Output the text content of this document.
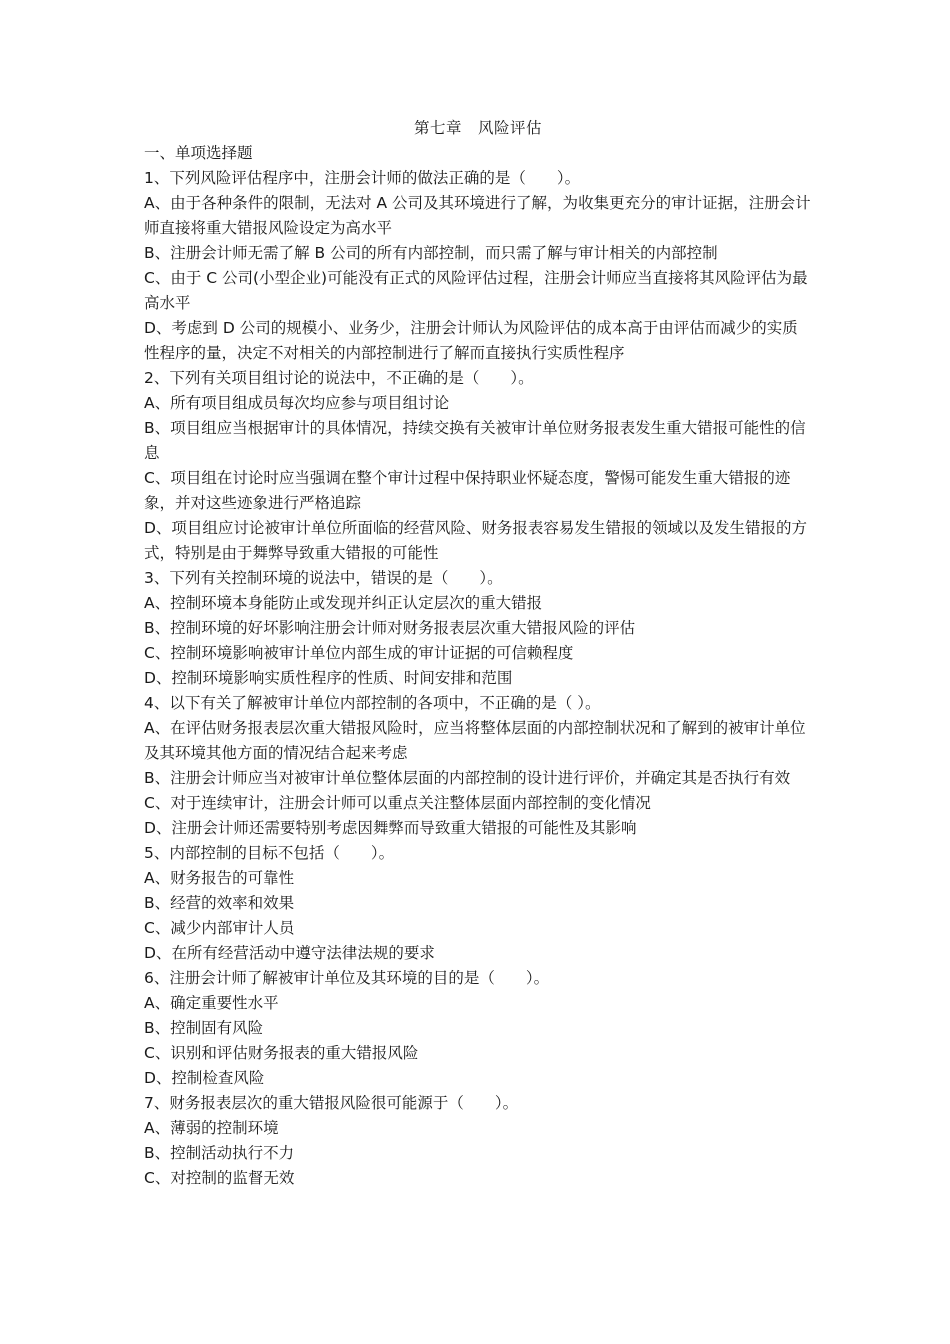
第七章 风险评估

一、单项选择题

1、下列风险评估程序中，注册会计师的做法正确的是（　　）。

A、由于各种条件的限制，无法对 A 公司及其环境进行了解，为收集更充分的审计证据，注册会计师直接将重大错报风险设定为高水平

B、注册会计师无需了解 B 公司的所有内部控制，而只需了解与审计相关的内部控制

C、由于 C 公司(小型企业)可能没有正式的风险评估过程，注册会计师应当直接将其风险评估为最高水平

D、考虑到 D 公司的规模小、业务少，注册会计师认为风险评估的成本高于由评估而减少的实质性程序的量，决定不对相关的内部控制进行了解而直接执行实质性程序

2、下列有关项目组讨论的说法中，不正确的是（　　）。

A、所有项目组成员每次均应参与项目组讨论

B、项目组应当根据审计的具体情况，持续交换有关被审计单位财务报表发生重大错报可能性的信息

C、项目组在讨论时应当强调在整个审计过程中保持职业怀疑态度，警惕可能发生重大错报的迹象，并对这些迹象进行严格追踪

D、项目组应讨论被审计单位所面临的经营风险、财务报表容易发生错报的领域以及发生错报的方式，特别是由于舞弊导致重大错报的可能性

3、下列有关控制环境的说法中，错误的是（　　）。

A、控制环境本身能防止或发现并纠正认定层次的重大错报

B、控制环境的好坏影响注册会计师对财务报表层次重大错报风险的评估

C、控制环境影响被审计单位内部生成的审计证据的可信赖程度

D、控制环境影响实质性程序的性质、时间安排和范围

4、以下有关了解被审计单位内部控制的各项中，不正确的是（ ）。

A、在评估财务报表层次重大错报风险时，应当将整体层面的内部控制状况和了解到的被审计单位及其环境其他方面的情况结合起来考虑

B、注册会计师应当对被审计单位整体层面的内部控制的设计进行评价，并确定其是否执行有效

C、对于连续审计，注册会计师可以重点关注整体层面内部控制的变化情况

D、注册会计师还需要特别考虑因舞弊而导致重大错报的可能性及其影响

5、内部控制的目标不包括（　　）。

A、财务报告的可靠性

B、经营的效率和效果

C、减少内部审计人员

D、在所有经营活动中遵守法律法规的要求

6、注册会计师了解被审计单位及其环境的目的是（　　）。

A、确定重要性水平

B、控制固有风险

C、识别和评估财务报表的重大错报风险

D、控制检查风险

7、财务报表层次的重大错报风险很可能源于（　　）。

A、薄弱的控制环境

B、控制活动执行不力

C、对控制的监督无效
